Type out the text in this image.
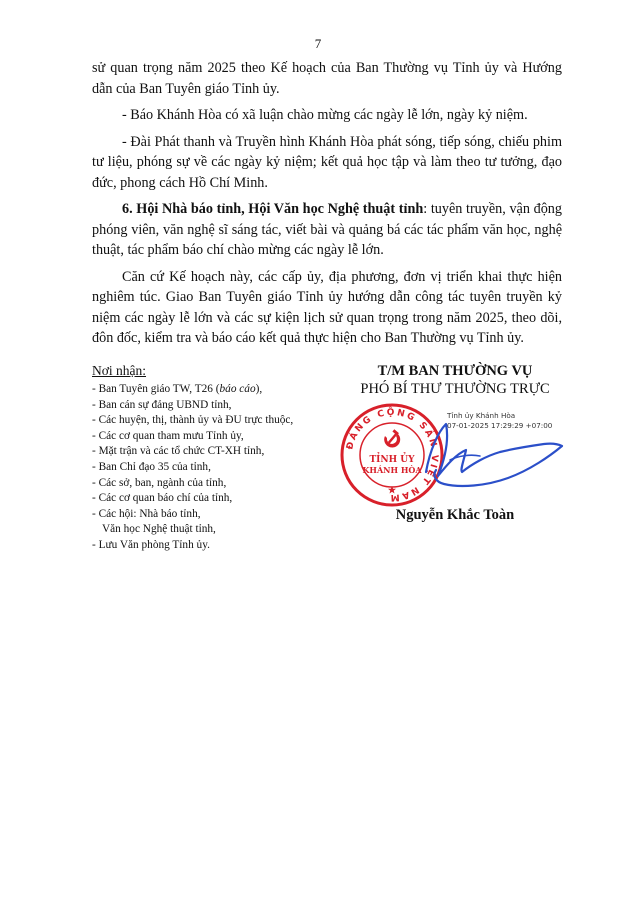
7

sử quan trọng năm 2025 theo Kế hoạch của Ban Thường vụ Tỉnh ủy và Hướng dẫn của Ban Tuyên giáo Tỉnh ủy.

- Báo Khánh Hòa có xã luận chào mừng các ngày lễ lớn, ngày kỷ niệm.

- Đài Phát thanh và Truyền hình Khánh Hòa phát sóng, tiếp sóng, chiếu phim tư liệu, phóng sự về các ngày kỷ niệm; kết quả học tập và làm theo tư tưởng, đạo đức, phong cách Hồ Chí Minh.

6. Hội Nhà báo tỉnh, Hội Văn học Nghệ thuật tỉnh: tuyên truyền, vận động phóng viên, văn nghệ sĩ sáng tác, viết bài và quảng bá các tác phẩm văn học, nghệ thuật, tác phẩm báo chí chào mừng các ngày lễ lớn.

Căn cứ Kế hoạch này, các cấp ủy, địa phương, đơn vị triển khai thực hiện nghiêm túc. Giao Ban Tuyên giáo Tỉnh ủy hướng dẫn công tác tuyên truyền kỷ niệm các ngày lễ lớn và các sự kiện lịch sử quan trọng trong năm 2025, theo dõi, đôn đốc, kiểm tra và báo cáo kết quả thực hiện cho Ban Thường vụ Tỉnh ủy.

Nơi nhận:
- Ban Tuyên giáo TW, T26 (báo cáo),
- Ban cán sự đảng UBND tỉnh,
- Các huyện, thị, thành ủy và ĐU trực thuộc,
- Các cơ quan tham mưu Tỉnh ủy,
- Mặt trận và các tổ chức CT-XH tỉnh,
- Ban Chỉ đạo 35 của tỉnh,
- Các sở, ban, ngành của tỉnh,
- Các cơ quan báo chí của tỉnh,
- Các hội: Nhà báo tỉnh,
Văn học Nghệ thuật tỉnh,
- Lưu Văn phòng Tỉnh ủy.
T/M BAN THƯỜNG VỤ
PHÓ BÍ THƯ THƯỜNG TRỰC
ĐẢNG CỘNG SẢN VIỆT NAM
TỈNH ỦY
KHÁNH HÒA
Tỉnh ủy Khánh Hòa
07-01-2025 17:29:29 +07:00
Nguyễn Khắc Toàn
